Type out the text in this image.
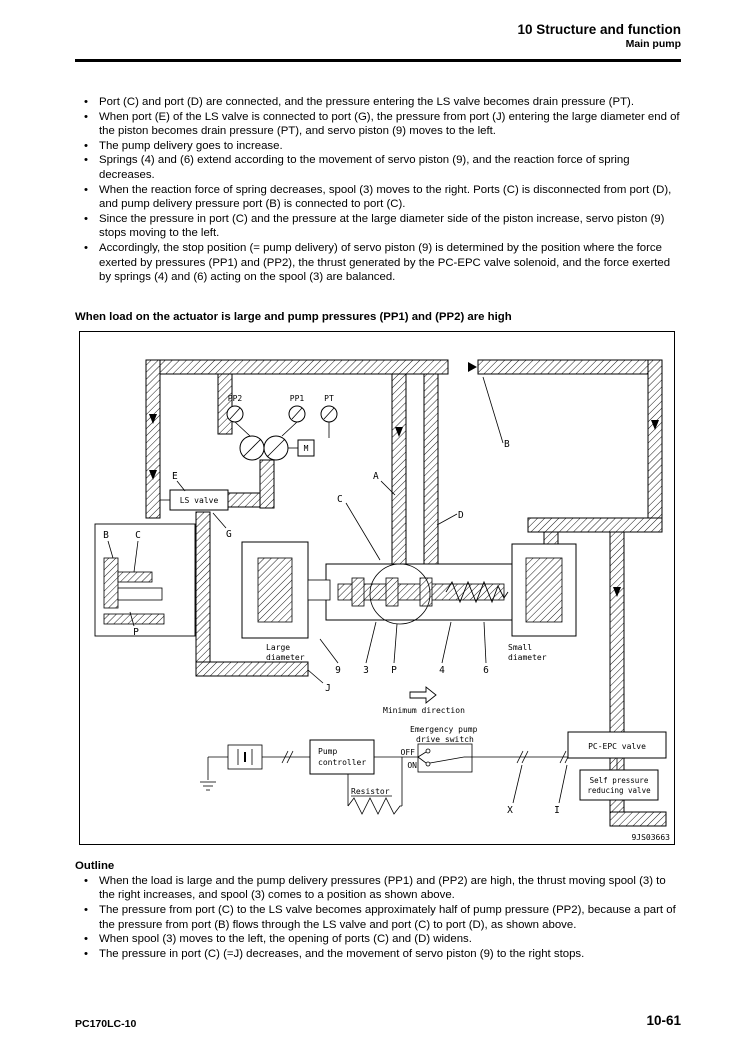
10 Structure and function
Main pump
• Port (C) and port (D) are connected, and the pressure entering the LS valve becomes drain pressure (PT).
• When port (E) of the LS valve is connected to port (G), the pressure from port (J) entering the large diameter end of the piston becomes drain pressure (PT), and servo piston (9) moves to the left.
• The pump delivery goes to increase.
• Springs (4) and (6) extend according to the movement of servo piston (9), and the reaction force of spring decreases.
• When the reaction force of spring decreases, spool (3) moves to the right. Ports (C) is disconnected from port (D), and pump delivery pressure port (B) is connected to port (C).
• Since the pressure in port (C) and the pressure at the large diameter side of the piston increase, servo piston (9) stops moving to the left.
• Accordingly, the stop position (= pump delivery) of servo piston (9) is determined by the position where the force exerted by pressures (PP1) and (PP2), the thrust generated by the PC-EPC valve solenoid, and the force exerted by springs (4) and (6) acting on the spool (3) are balanced.
When load on the actuator is large and pump pressures (PP1) and (PP2) are high
PP2	PP1 PT
M
LS valve
E
G
A
C
D
B
B	C
P
9 3 P	4	6
J
Large
diameter
Small
diameter
Minimum direction
Pump
controller
Resistor
Emergency pump
drive switch
OFF
ON
PC-EPC valve
Self pressure
reducing valve
X	I
9JS03663
Outline
• When the load is large and the pump delivery pressures (PP1) and (PP2) are high, the thrust moving spool (3) to the right increases, and spool (3) comes to a position as shown above.
• The pressure from port (C) to the LS valve becomes approximately half of pump pressure (PP2), because a part of the pressure from port (B) flows through the LS valve and port (C) to port (D), as shown above.
• When spool (3) moves to the left, the opening of ports (C) and (D) widens.
• The pressure in port (C) (=J) decreases, and the movement of servo piston (9) to the right stops.
PC170LC-10	10-61
